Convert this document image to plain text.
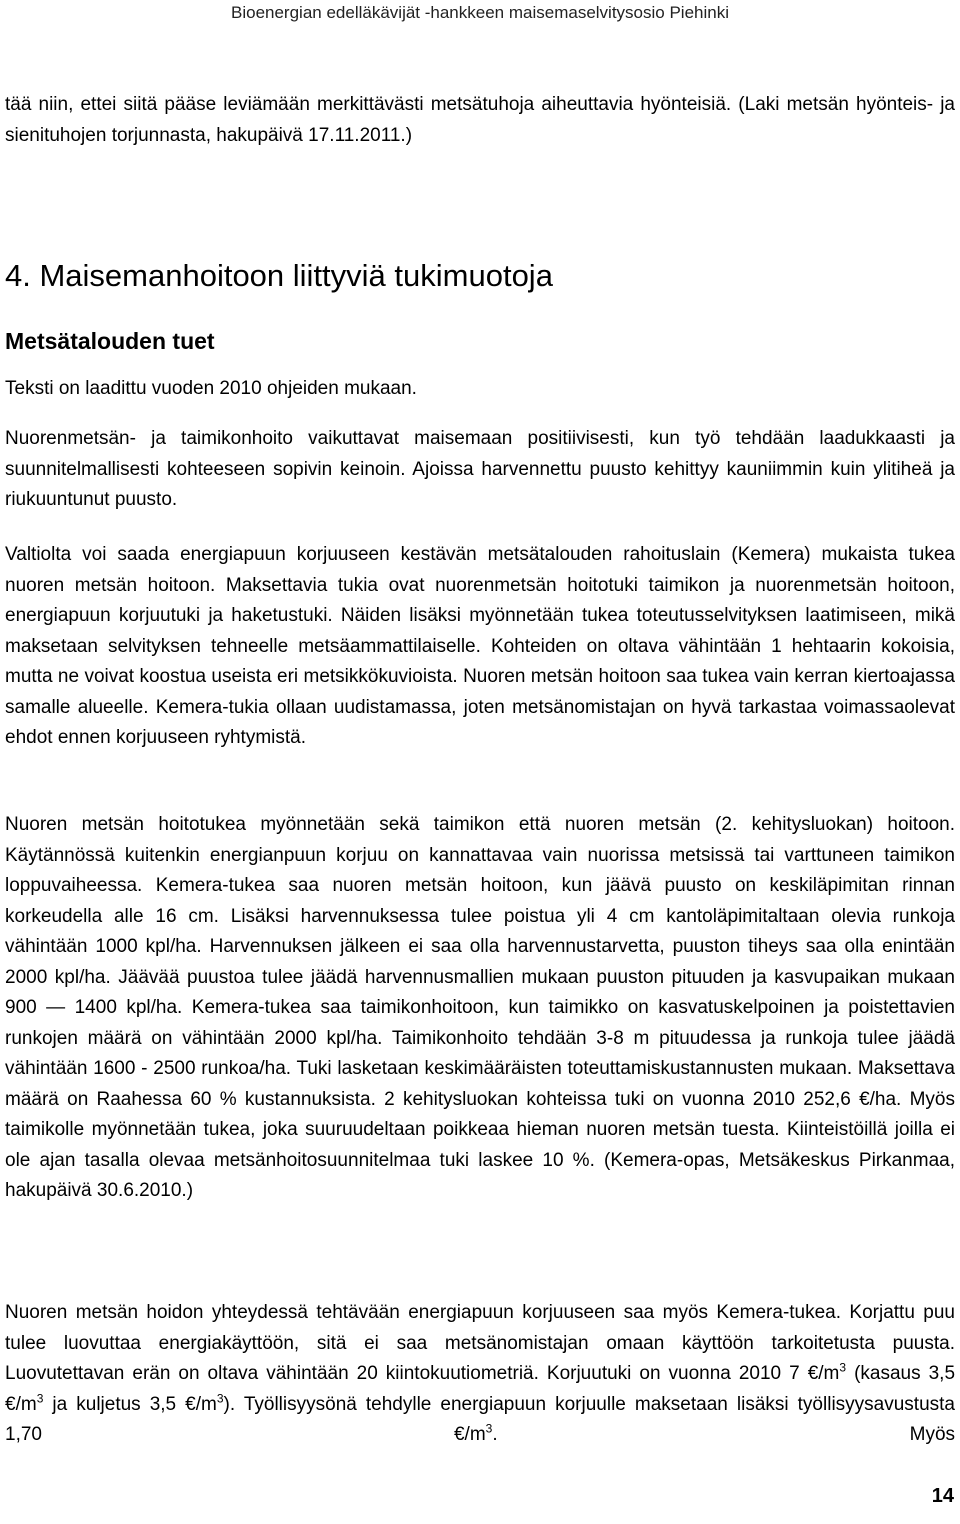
Bioenergian edelläkävijät -hankkeen maisemaselvitysosio Piehinki

tää niin, ettei siitä pääse leviämään merkittävästi metsätuhoja aiheuttavia hyönteisiä. (Laki metsän hyönteis- ja sienituhojen torjunnasta, hakupäivä 17.11.2011.)

4. Maisemanhoitoon liittyviä tukimuotoja
Metsätalouden tuet

Teksti on laadittu vuoden 2010 ohjeiden mukaan.

Nuorenmetsän- ja taimikonhoito vaikuttavat maisemaan positiivisesti, kun työ tehdään laadukkaasti ja suunnitelmallisesti kohteeseen sopivin keinoin. Ajoissa harvennettu puusto kehittyy kauniimmin kuin ylitiheä ja riukuuntunut puusto.

Valtiolta voi saada energiapuun korjuuseen kestävän metsätalouden rahoituslain (Kemera) mukaista tukea nuoren metsän hoitoon. Maksettavia tukia ovat nuorenmetsän hoitotuki taimikon ja nuorenmetsän hoitoon, energiapuun korjuutuki ja haketustuki. Näiden lisäksi myönnetään tukea toteutusselvityksen laatimiseen, mikä maksetaan selvityksen tehneelle metsäammattilaiselle. Kohteiden on oltava vähintään 1 hehtaarin kokoisia, mutta ne voivat koostua useista eri metsikkökuvioista. Nuoren metsän hoitoon saa tukea vain kerran kiertoajassa samalle alueelle. Kemera-tukia ollaan uudistamassa, joten metsänomistajan on hyvä tarkastaa voimassaolevat ehdot ennen korjuuseen ryhtymistä.

Nuoren metsän hoitotukea myönnetään sekä taimikon että nuoren metsän (2. kehitysluokan) hoitoon. Käytännössä kuitenkin energianpuun korjuu on kannattavaa vain nuorissa metsissä tai varttuneen taimikon loppuvaiheessa. Kemera-tukea saa nuoren metsän hoitoon, kun jäävä puusto on keskiläpimitan rinnan korkeudella alle 16 cm. Lisäksi harvennuksessa tulee poistua yli 4 cm kantoläpimitaltaan olevia runkoja vähintään 1000 kpl/ha. Harvennuksen jälkeen ei saa olla harvennustarvetta, puuston tiheys saa olla enintään 2000 kpl/ha. Jäävää puustoa tulee jäädä harvennusmallien mukaan puuston pituuden ja kasvupaikan mukaan 900 — 1400 kpl/ha. Kemera-tukea saa taimikonhoitoon, kun taimikko on kasvatuskelpoinen ja poistettavien runkojen määrä on vähintään 2000 kpl/ha. Taimikonhoito tehdään 3-8 m pituudessa ja runkoja tulee jäädä vähintään 1600 - 2500 runkoa/ha. Tuki lasketaan keskimääräisten toteuttamiskustannusten mukaan. Maksettava määrä on Raahessa 60 % kustannuksista. 2 kehitysluokan kohteissa tuki on vuonna 2010 252,6 €/ha. Myös taimikolle myönnetään tukea, joka suuruudeltaan poikkeaa hieman nuoren metsän tuesta. Kiinteistöillä joilla ei ole ajan tasalla olevaa metsänhoitosuunnitelmaa tuki laskee 10 %. (Kemera-opas, Metsäkeskus Pirkanmaa, hakupäivä 30.6.2010.)

Nuoren metsän hoidon yhteydessä tehtävään energiapuun korjuuseen saa myös Kemera-tukea. Korjattu puu tulee luovuttaa energiakäyttöön, sitä ei saa metsänomistajan omaan käyttöön tarkoitetusta puusta. Luovutettavan erän on oltava vähintään 20 kiintokuutiometriä. Korjuutuki on vuonna 2010 7 $€/m^3$ (kasaus 3,5 $€/m^3$ ja kuljetus 3,5 $€/m^3$). Työllisyysönä tehdylle energiapuun korjuulle maksetaan lisäksi työllisyysavustusta 1,70 $€/m^3$. Myös

14
